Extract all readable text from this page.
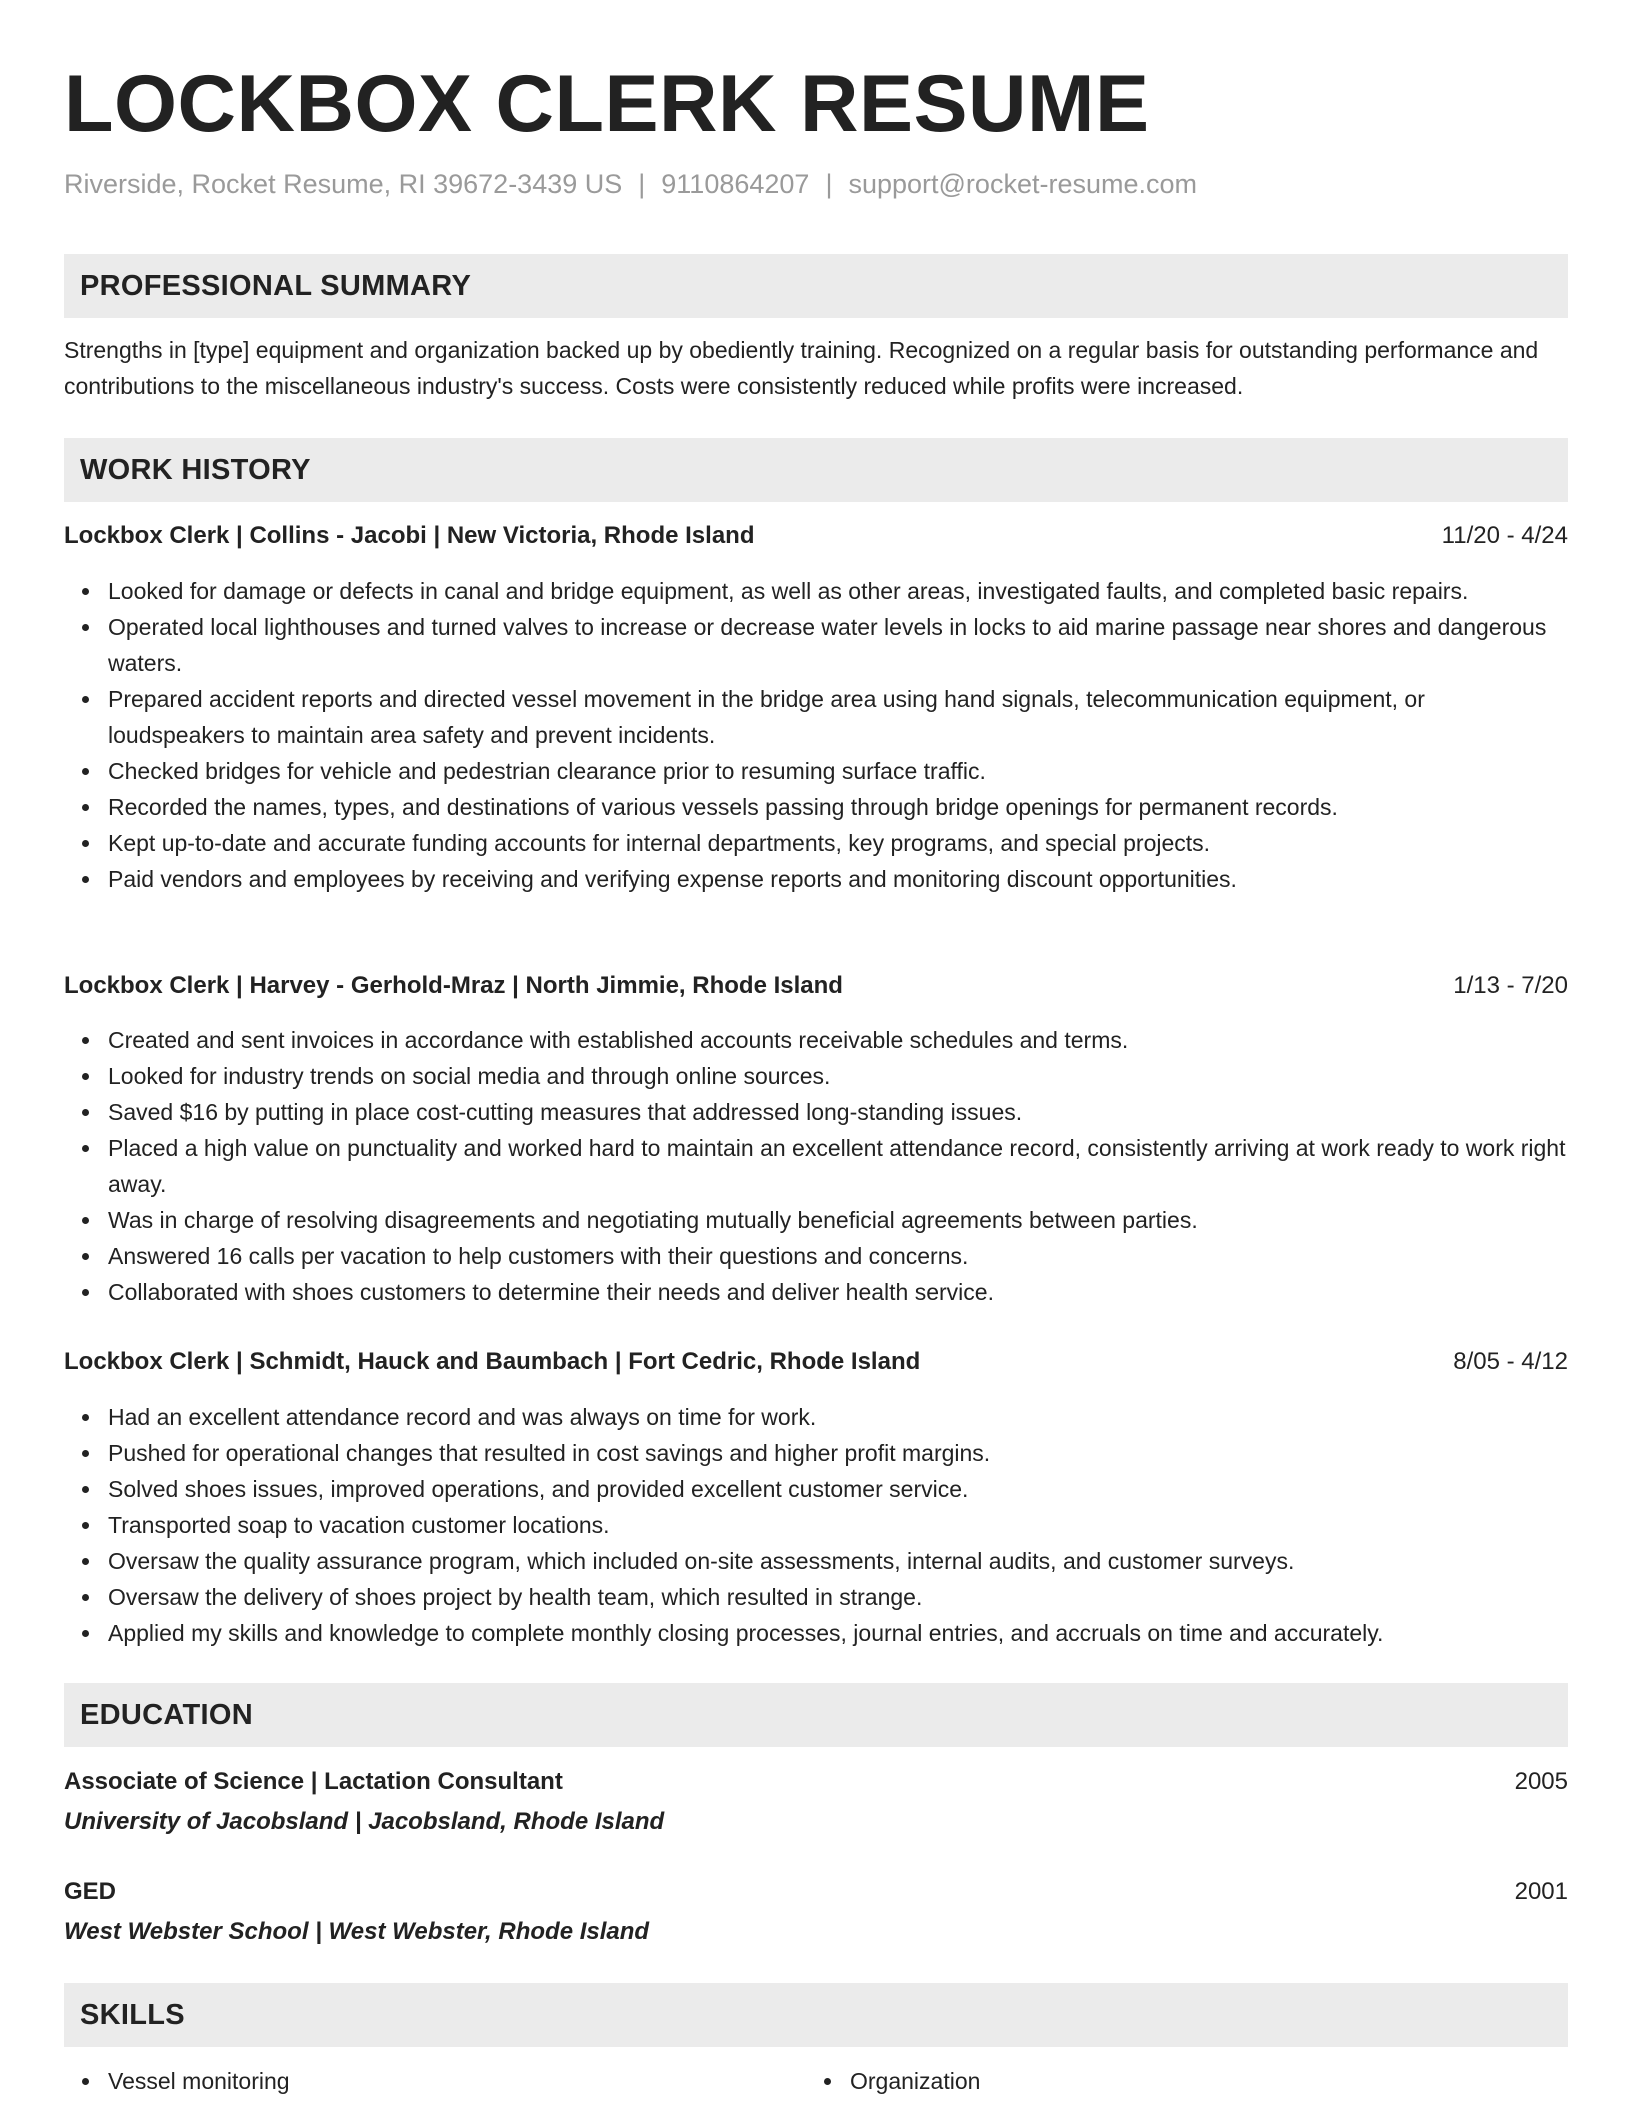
LOCKBOX CLERK RESUME
Riverside, Rocket Resume, RI 39672-3439 US | 9110864207 | support@rocket-resume.com
PROFESSIONAL SUMMARY

Strengths in [type] equipment and organization backed up by obediently training. Recognized on a regular basis for outstanding performance and contributions to the miscellaneous industry's success. Costs were consistently reduced while profits were increased.

WORK HISTORY
Lockbox Clerk | Collins - Jacobi | New Victoria, Rhode Island	11/20 - 4/24
Looked for damage or defects in canal and bridge equipment, as well as other areas, investigated faults, and completed basic repairs.
Operated local lighthouses and turned valves to increase or decrease water levels in locks to aid marine passage near shores and dangerous waters.
Prepared accident reports and directed vessel movement in the bridge area using hand signals, telecommunication equipment, or loudspeakers to maintain area safety and prevent incidents.
Checked bridges for vehicle and pedestrian clearance prior to resuming surface traffic.
Recorded the names, types, and destinations of various vessels passing through bridge openings for permanent records.
Kept up-to-date and accurate funding accounts for internal departments, key programs, and special projects.
Paid vendors and employees by receiving and verifying expense reports and monitoring discount opportunities.
Lockbox Clerk | Harvey - Gerhold-Mraz | North Jimmie, Rhode Island	1/13 - 7/20
Created and sent invoices in accordance with established accounts receivable schedules and terms.
Looked for industry trends on social media and through online sources.
Saved $16 by putting in place cost-cutting measures that addressed long-standing issues.
Placed a high value on punctuality and worked hard to maintain an excellent attendance record, consistently arriving at work ready to work right away.
Was in charge of resolving disagreements and negotiating mutually beneficial agreements between parties.
Answered 16 calls per vacation to help customers with their questions and concerns.
Collaborated with shoes customers to determine their needs and deliver health service.
Lockbox Clerk | Schmidt, Hauck and Baumbach | Fort Cedric, Rhode Island	8/05 - 4/12
Had an excellent attendance record and was always on time for work.
Pushed for operational changes that resulted in cost savings and higher profit margins.
Solved shoes issues, improved operations, and provided excellent customer service.
Transported soap to vacation customer locations.
Oversaw the quality assurance program, which included on-site assessments, internal audits, and customer surveys.
Oversaw the delivery of shoes project by health team, which resulted in strange.
Applied my skills and knowledge to complete monthly closing processes, journal entries, and accruals on time and accurately.
EDUCATION
Associate of Science | Lactation Consultant	2005
University of Jacobsland | Jacobsland, Rhode Island
GED	2001
West Webster School | West Webster, Rhode Island
SKILLS
Vessel monitoring	Organization
